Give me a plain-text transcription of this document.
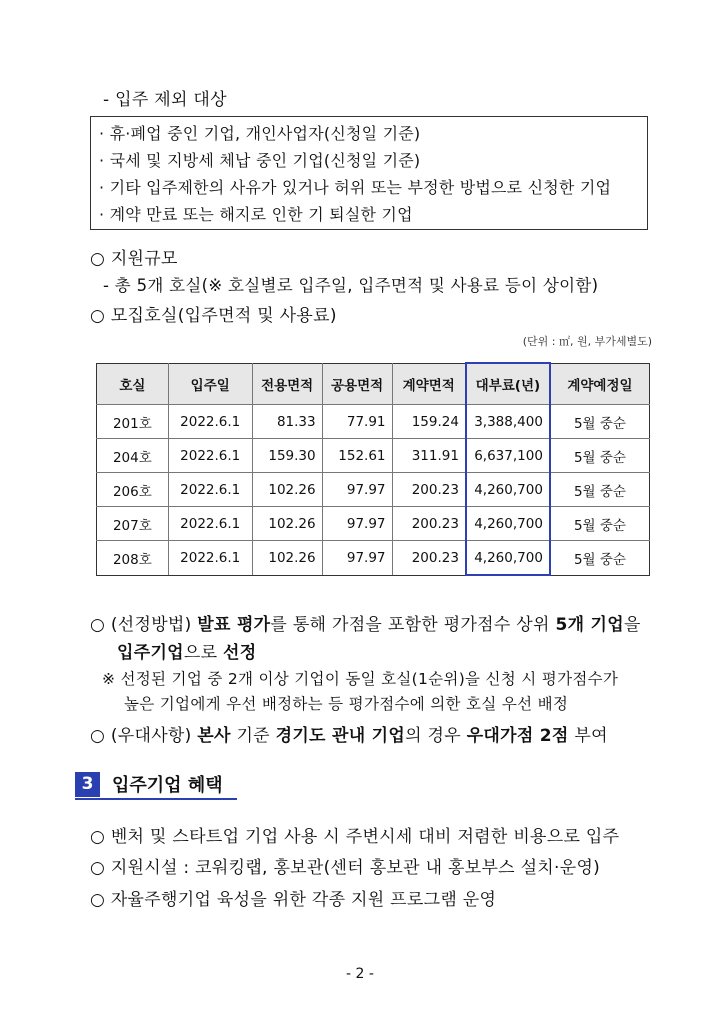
- 입주 제외 대상
· 휴·폐업 중인 기업, 개인사업자(신청일 기준)
· 국세 및 지방세 체납 중인 기업(신청일 기준)
· 기타 입주제한의 사유가 있거나 허위 또는 부정한 방법으로 신청한 기업
· 계약 만료 또는 해지로 인한 기 퇴실한 기업
○ 지원규모
- 총 5개 호실(※ 호실별로 입주일, 입주면적 및 사용료 등이 상이함)
○ 모집호실(입주면적 및 사용료)
(단위 : ㎡, 원, 부가세별도)
호실	입주일	전용면적	공용면적	계약면적	대부료(년)	계약예정일
201호	2022.6.1	81.33	77.91	159.24	3,388,400	5월 중순
204호	2022.6.1	159.30	152.61	311.91	6,637,100	5월 중순
206호	2022.6.1	102.26	97.97	200.23	4,260,700	5월 중순
207호	2022.6.1	102.26	97.97	200.23	4,260,700	5월 중순
208호	2022.6.1	102.26	97.97	200.23	4,260,700	5월 중순
○ (선정방법) 발표 평가를 통해 가점을 포함한 평가점수 상위 5개 기업을
입주기업으로 선정
※ 선정된 기업 중 2개 이상 기업이 동일 호실(1순위)을 신청 시 평가점수가
높은 기업에게 우선 배정하는 등 평가점수에 의한 호실 우선 배정
○ (우대사항) 본사 기준 경기도 관내 기업의 경우 우대가점 2점 부여
3	입주기업 혜택
○ 벤처 및 스타트업 기업 사용 시 주변시세 대비 저렴한 비용으로 입주
○ 지원시설 : 코워킹랩, 홍보관(센터 홍보관 내 홍보부스 설치·운영)
○ 자율주행기업 육성을 위한 각종 지원 프로그램 운영
- 2 -
